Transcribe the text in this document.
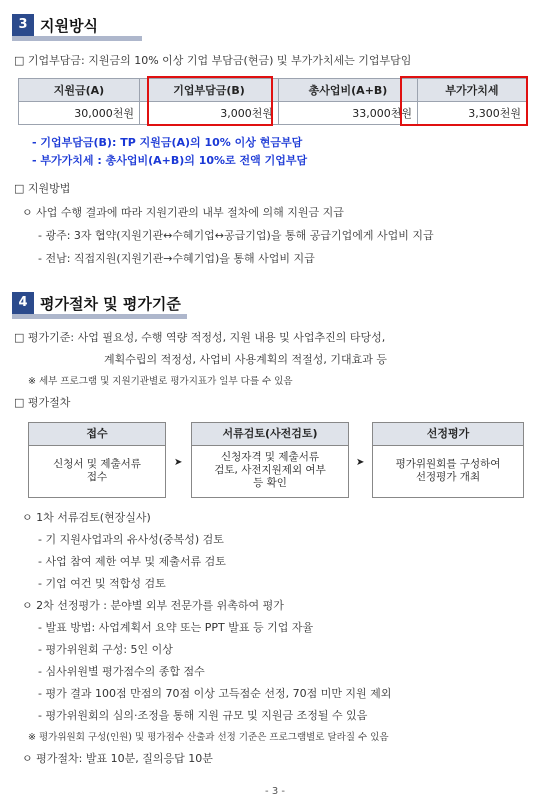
3 지원방식
□ 기업부담금: 지원금의 10% 이상 기업 부담금(현금) 및 부가가치세는 기업부담임
지원금(A)	기업부담금(B)	총사업비(A+B)	부가가치세
30,000천원	3,000천원	33,000천원	3,300천원
- 기업부담금(B): TP 지원금(A)의 10% 이상 현금부담
- 부가가치세 : 총사업비(A+B)의 10%로 전액 기업부담
□ 지원방법
ㅇ 사업 수행 결과에 따라 지원기관의 내부 절차에 의해 지원금 지급
- 광주: 3자 협약(지원기관↔수혜기업↔공급기업)을 통해 공급기업에게 사업비 지급
- 전남: 직접지원(지원기관→수혜기업)을 통해 사업비 지급
4 평가절차 및 평가기준
□ 평가기준: 사업 필요성, 수행 역량 적정성, 지원 내용 및 사업추진의 타당성,
계획수립의 적정성, 사업비 사용계획의 적절성, 기대효과 등
※ 세부 프로그램 및 지원기관별로 평가지표가 일부 다를 수 있음
□ 평가절차
접수
신청서 및 제출서류
접수
➤
서류검토(사전검토)
신청자격 및 제출서류
검토, 사전지원제외 여부
등 확인
➤
선정평가
평가위원회를 구성하여
선정평가 개최
ㅇ 1차 서류검토(현장실사)
- 기 지원사업과의 유사성(중복성) 검토
- 사업 참여 제한 여부 및 제출서류 검토
- 기업 여건 및 적합성 검토
ㅇ 2차 선정평가 : 분야별 외부 전문가를 위촉하여 평가
- 발표 방법: 사업계획서 요약 또는 PPT 발표 등 기업 자율
- 평가위원회 구성: 5인 이상
- 심사위원별 평가점수의 종합 점수
- 평가 결과 100점 만점의 70점 이상 고득점순 선정, 70점 미만 지원 제외
- 평가위원회의 심의·조정을 통해 지원 규모 및 지원금 조정될 수 있음
※ 평가위원회 구성(인원) 및 평가점수 산출과 선정 기준은 프로그램별로 달라질 수 있음
ㅇ 평가절차: 발표 10분, 질의응답 10분
- 3 -
